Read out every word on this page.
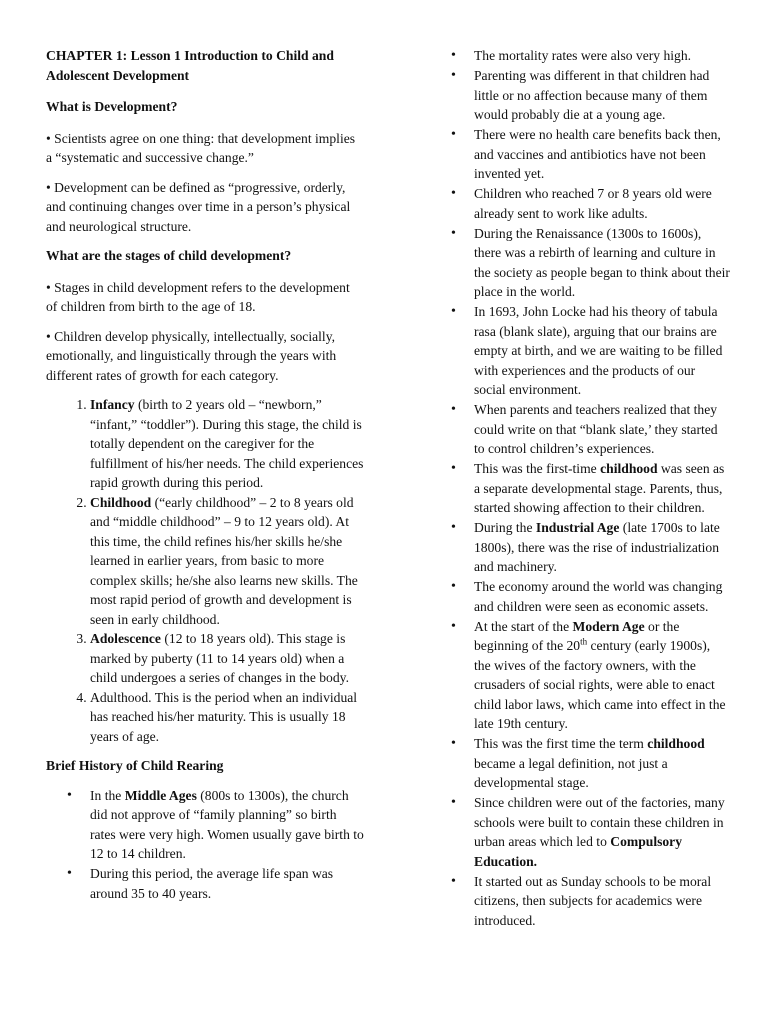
CHAPTER 1: Lesson 1 Introduction to Child and Adolescent Development
What is Development?

• Scientists agree on one thing: that development implies a “systematic and successive change.”

• Development can be defined as “progressive, orderly, and continuing changes over time in a person’s physical and neurological structure.

What are the stages of child development?

• Stages in child development refers to the development of children from birth to the age of 18.

• Children develop physically, intellectually, socially, emotionally, and linguistically through the years with different rates of growth for each category.

1. Infancy (birth to 2 years old – “newborn,” “infant,” “toddler”). During this stage, the child is totally dependent on the caregiver for the fulfillment of his/her needs. The child experiences rapid growth during this period.
2. Childhood (“early childhood” – 2 to 8 years old and “middle childhood” – 9 to 12 years old). At this time, the child refines his/her skills he/she learned in earlier years, from basic to more complex skills; he/she also learns new skills. The most rapid period of growth and development is seen in early childhood.
3. Adolescence (12 to 18 years old). This stage is marked by puberty (11 to 14 years old) when a child undergoes a series of changes in the body.
4. Adulthood. This is the period when an individual has reached his/her maturity. This is usually 18 years of age.
Brief History of Child Rearing
• In the Middle Ages (800s to 1300s), the church did not approve of “family planning” so birth rates were very high. Women usually gave birth to 12 to 14 children.
• During this period, the average life span was around 35 to 40 years.
• The mortality rates were also very high.
• Parenting was different in that children had little or no affection because many of them would probably die at a young age.
• There were no health care benefits back then, and vaccines and antibiotics have not been invented yet.
• Children who reached 7 or 8 years old were already sent to work like adults.
• During the Renaissance (1300s to 1600s), there was a rebirth of learning and culture in the society as people began to think about their place in the world.
• In 1693, John Locke had his theory of tabula rasa (blank slate), arguing that our brains are empty at birth, and we are waiting to be filled with experiences and the products of our social environment.
• When parents and teachers realized that they could write on that “blank slate,’ they started to control children’s experiences.
• This was the first-time childhood was seen as a separate developmental stage. Parents, thus, started showing affection to their children.
• During the Industrial Age (late 1700s to late 1800s), there was the rise of industrialization and machinery.
• The economy around the world was changing and children were seen as economic assets.
• At the start of the Modern Age or the beginning of the 20th century (early 1900s), the wives of the factory owners, with the crusaders of social rights, were able to enact child labor laws, which came into effect in the late 19th century.
• This was the first time the term childhood became a legal definition, not just a developmental stage.
• Since children were out of the factories, many schools were built to contain these children in urban areas which led to Compulsory Education.
• It started out as Sunday schools to be moral citizens, then subjects for academics were introduced.
